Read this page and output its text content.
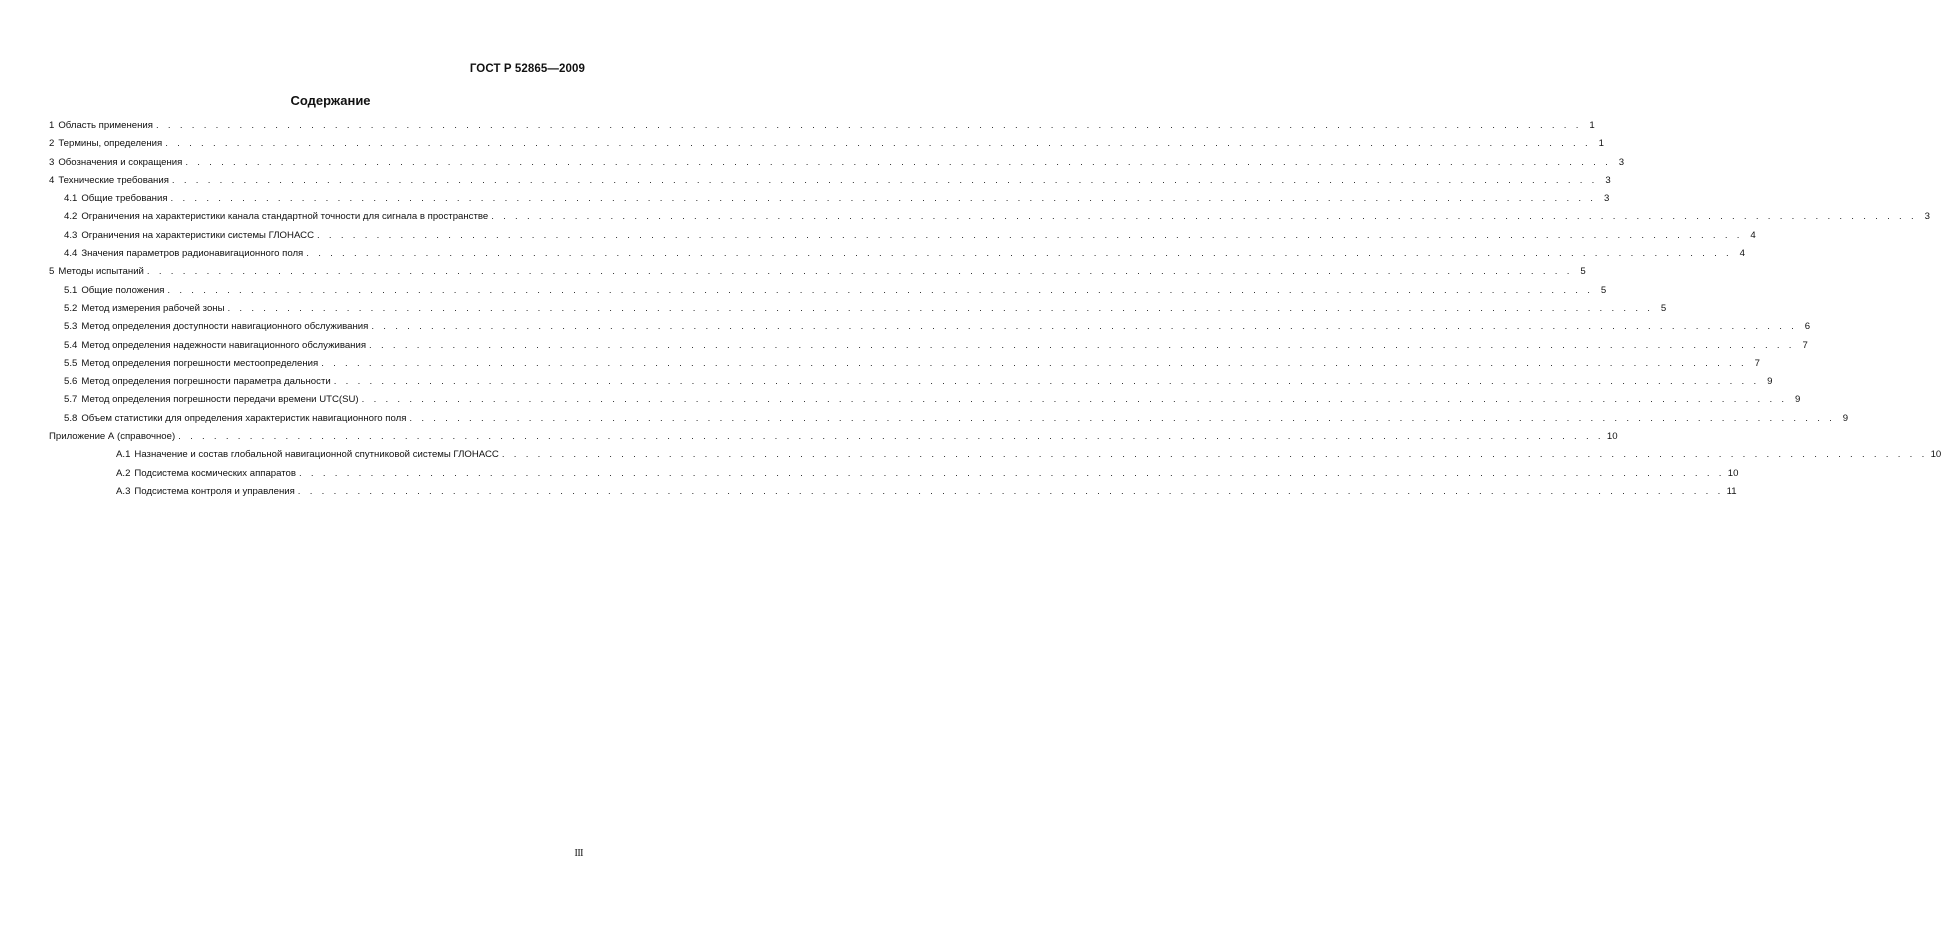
ГОСТ Р 52865—2009
Содержание
1 Область применения . . . . . . . . . . . . . . . . . . . . . . . . . . . . . . . . . . . . . . . . . . . . . . . . . . . . . . . . . . . . . . . . . . . . . . . . . . . . . . . . . . . . . . . . . . . . . . . . . . . . . . . . . . . . . . . . . . . . . . . . 1
2 Термины, определения . . . . . . . . . . . . . . . . . . . . . . . . . . . . . . . . . . . . . . . . . . . . . . . . . . . . . . . . . . . . . . . . . . . . . . . . . . . . . . . . . . . . . . . . . . . . . . . . . . . . . . . . . . . . . . . . . . . . . . . . 1
3 Обозначения и сокращения . . . . . . . . . . . . . . . . . . . . . . . . . . . . . . . . . . . . . . . . . . . . . . . . . . . . . . . . . . . . . . . . . . . . . . . . . . . . . . . . . . . . . . . . . . . . . . . . . . . . . . . . . . . . . . . . . . . . . . . . 3
4 Технические требования . . . . . . . . . . . . . . . . . . . . . . . . . . . . . . . . . . . . . . . . . . . . . . . . . . . . . . . . . . . . . . . . . . . . . . . . . . . . . . . . . . . . . . . . . . . . . . . . . . . . . . . . . . . . . . . . . . . . . . . . 3
4.1 Общие требования . . . . . . . . . . . . . . . . . . . . . . . . . . . . . . . . . . . . . . . . . . . . . . . . . . . . . . . . . . . . . . . . . . . . . . . . . . . . . . . . . . . . . . . . . . . . . . . . . . . . . . . . . . . . . . . . . . . . . . . . 3
4.2 Ограничения на характеристики канала стандартной точности для сигнала в пространстве . . . . . . . . . . . . . . . . . . . . . . . . . . . . . . . . . . . . . . . . . . . . . . . . . . . . . . . . . . . . . . . . . . . . . . . . . . . . . . . . . . . . . . . . . . . . . . . . . . . . . . . . . . . . . . . . . . . . . . . . 3
4.3 Ограничения на характеристики системы ГЛОНАСС . . . . . . . . . . . . . . . . . . . . . . . . . . . . . . . . . . . . . . . . . . . . . . . . . . . . . . . . . . . . . . . . . . . . . . . . . . . . . . . . . . . . . . . . . . . . . . . . . . . . . . . . . . . . . . . . . . . . . . . . 4
4.4 Значения параметров радионавигационного поля . . . . . . . . . . . . . . . . . . . . . . . . . . . . . . . . . . . . . . . . . . . . . . . . . . . . . . . . . . . . . . . . . . . . . . . . . . . . . . . . . . . . . . . . . . . . . . . . . . . . . . . . . . . . . . . . . . . . . . . . 4
5 Методы испытаний . . . . . . . . . . . . . . . . . . . . . . . . . . . . . . . . . . . . . . . . . . . . . . . . . . . . . . . . . . . . . . . . . . . . . . . . . . . . . . . . . . . . . . . . . . . . . . . . . . . . . . . . . . . . . . . . . . . . . . . . 5
5.1 Общие положения . . . . . . . . . . . . . . . . . . . . . . . . . . . . . . . . . . . . . . . . . . . . . . . . . . . . . . . . . . . . . . . . . . . . . . . . . . . . . . . . . . . . . . . . . . . . . . . . . . . . . . . . . . . . . . . . . . . . . . . . 5
5.2 Метод измерения рабочей зоны . . . . . . . . . . . . . . . . . . . . . . . . . . . . . . . . . . . . . . . . . . . . . . . . . . . . . . . . . . . . . . . . . . . . . . . . . . . . . . . . . . . . . . . . . . . . . . . . . . . . . . . . . . . . . . . . . . . . . . . . 5
5.3 Метод определения доступности навигационного обслуживания . . . . . . . . . . . . . . . . . . . . . . . . . . . . . . . . . . . . . . . . . . . . . . . . . . . . . . . . . . . . . . . . . . . . . . . . . . . . . . . . . . . . . . . . . . . . . . . . . . . . . . . . . . . . . . . . . . . . . . . . 6
5.4 Метод определения надежности навигационного обслуживания . . . . . . . . . . . . . . . . . . . . . . . . . . . . . . . . . . . . . . . . . . . . . . . . . . . . . . . . . . . . . . . . . . . . . . . . . . . . . . . . . . . . . . . . . . . . . . . . . . . . . . . . . . . . . . . . . . . . . . . . 7
5.5 Метод определения погрешности местоопределения . . . . . . . . . . . . . . . . . . . . . . . . . . . . . . . . . . . . . . . . . . . . . . . . . . . . . . . . . . . . . . . . . . . . . . . . . . . . . . . . . . . . . . . . . . . . . . . . . . . . . . . . . . . . . . . . . . . . . . . . 7
5.6 Метод определения погрешности параметра дальности . . . . . . . . . . . . . . . . . . . . . . . . . . . . . . . . . . . . . . . . . . . . . . . . . . . . . . . . . . . . . . . . . . . . . . . . . . . . . . . . . . . . . . . . . . . . . . . . . . . . . . . . . . . . . . . . . . . . . . . . 9
5.7 Метод определения погрешности передачи времени UTC(SU) . . . . . . . . . . . . . . . . . . . . . . . . . . . . . . . . . . . . . . . . . . . . . . . . . . . . . . . . . . . . . . . . . . . . . . . . . . . . . . . . . . . . . . . . . . . . . . . . . . . . . . . . . . . . . . . . . . . . . . . . 9
5.8 Объем статистики для определения характеристик навигационного поля . . . . . . . . . . . . . . . . . . . . . . . . . . . . . . . . . . . . . . . . . . . . . . . . . . . . . . . . . . . . . . . . . . . . . . . . . . . . . . . . . . . . . . . . . . . . . . . . . . . . . . . . . . . . . . . . . . . . . . . . 9
Приложение А (справочное) . . . . . . . . . . . . . . . . . . . . . . . . . . . . . . . . . . . . . . . . . . . . . . . . . . . . . . . . . . . . . . . . . . . . . . . . . . . . . . . . . . . . . . . . . . . . . . . . . . . . . . . . . . . . . . . . . . . . . . . . 10
А.1 Назначение и состав глобальной навигационной спутниковой системы ГЛОНАСС . . . . . . . . . . . . . . . . . . . . . . . . . . . . . . . . . . . . . . . . . . . . . . . . . . . . . . . . . . . . . . . . . . . . . . . . . . . . . . . . . . . . . . . . . . . . . . . . . . . . . . . . . . . . . . . . . . . . . . . . 10
А.2 Подсистема космических аппаратов . . . . . . . . . . . . . . . . . . . . . . . . . . . . . . . . . . . . . . . . . . . . . . . . . . . . . . . . . . . . . . . . . . . . . . . . . . . . . . . . . . . . . . . . . . . . . . . . . . . . . . . . . . . . . . . . . . . . . . . . 10
А.3 Подсистема контроля и управления . . . . . . . . . . . . . . . . . . . . . . . . . . . . . . . . . . . . . . . . . . . . . . . . . . . . . . . . . . . . . . . . . . . . . . . . . . . . . . . . . . . . . . . . . . . . . . . . . . . . . . . . . . . . . . . . . . . . . . . . 11
III
